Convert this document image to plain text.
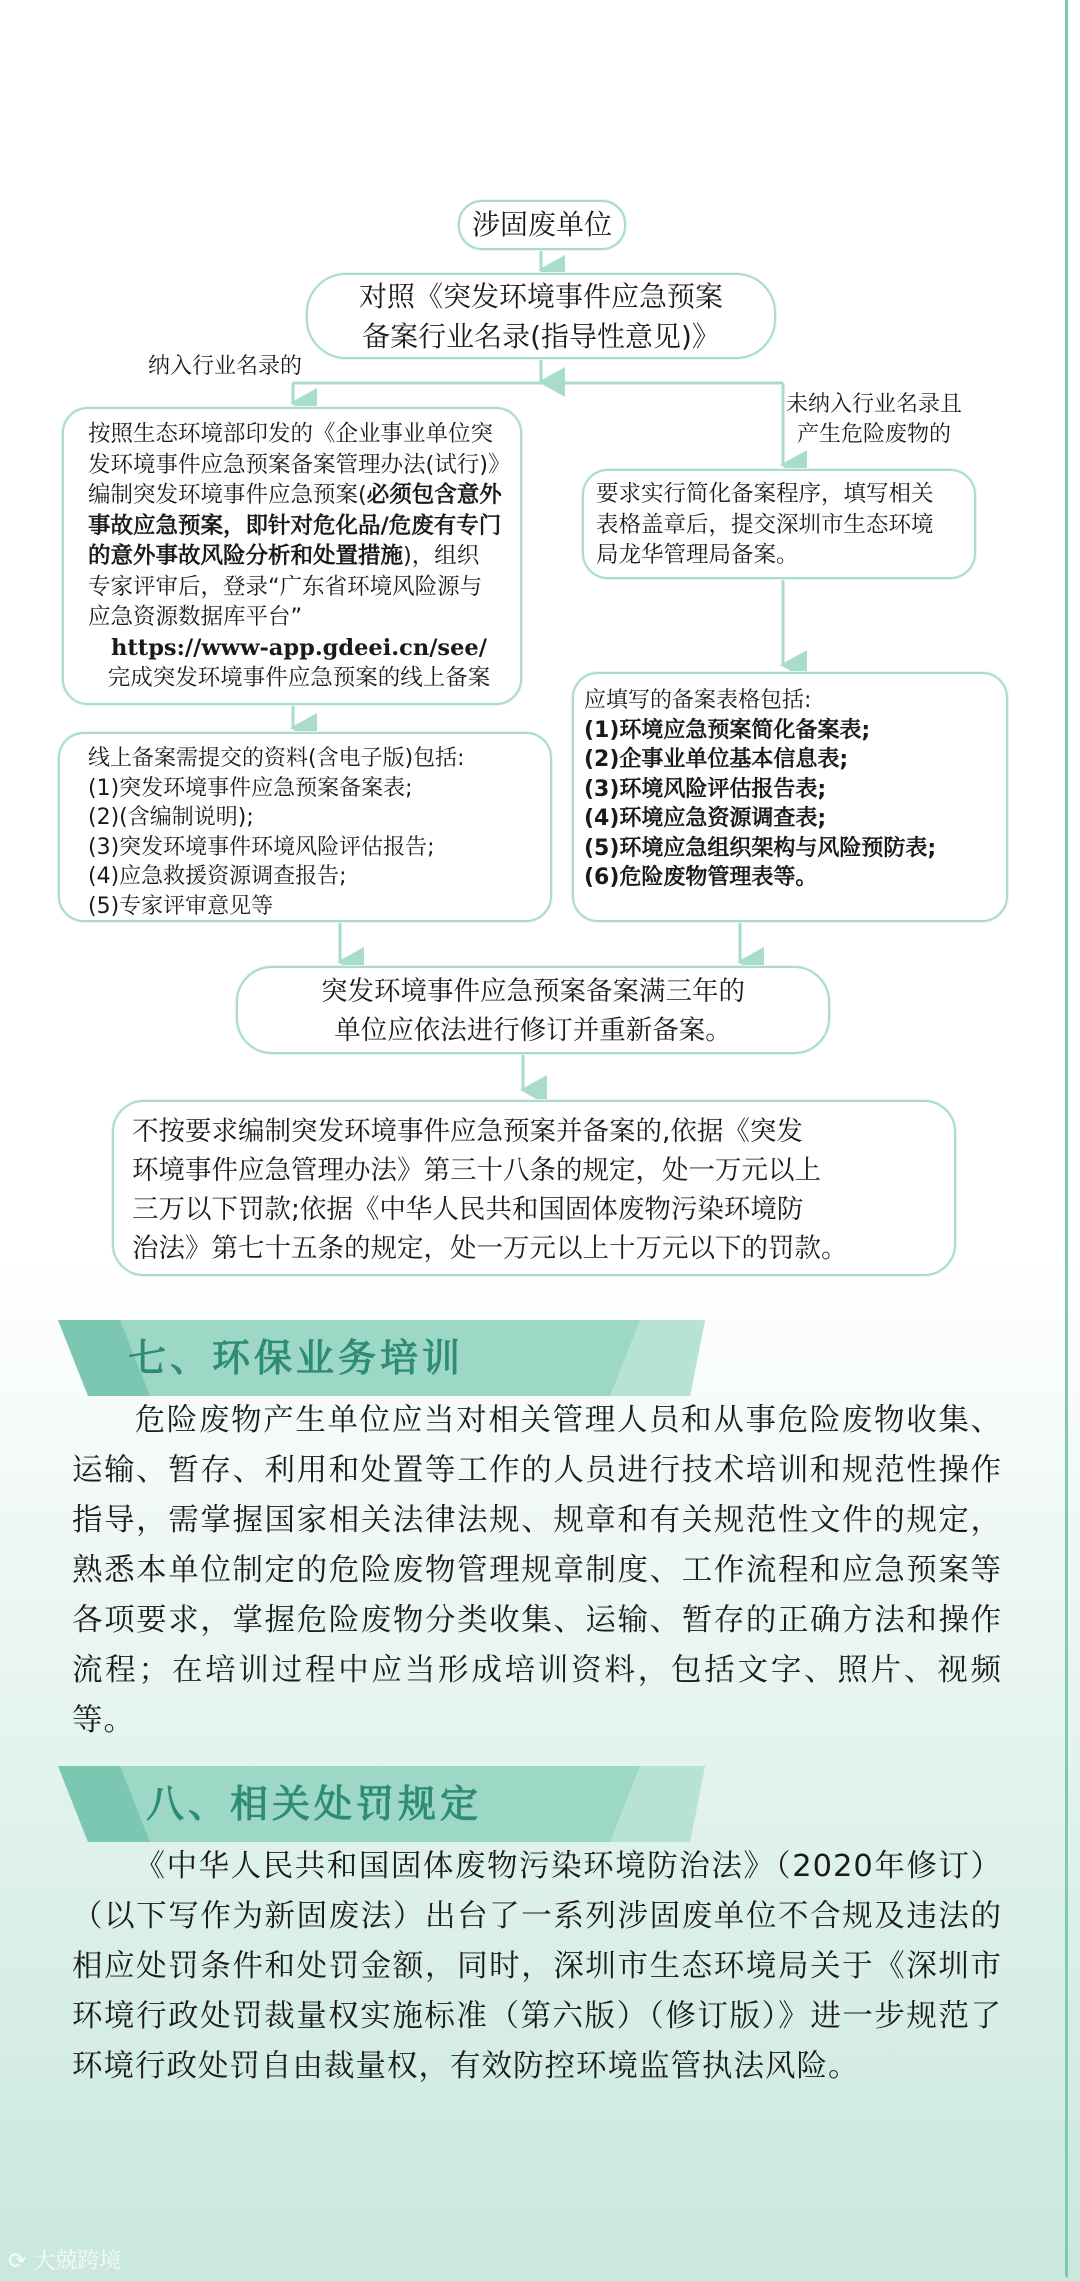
涉固废单位
对照《突发环境事件应急预案
备案行业名录(指导性意见)》
纳入行业名录的
未纳入行业名录且
产生危险废物的
按照生态环境部印发的《企业事业单位突
发环境事件应急预案备案管理办法(试行)》
编制突发环境事件应急预案(必须包含意外
事故应急预案，即针对危化品/危废有专门
的意外事故风险分析和处置措施)，组织
专家评审后，登录“广东省环境风险源与
应急资源数据库平台”
https://www-app.gdeei.cn/see/
完成突发环境事件应急预案的线上备案
要求实行简化备案程序，填写相关
表格盖章后，提交深圳市生态环境
局龙华管理局备案。
线上备案需提交的资料(含电子版)包括:
(1)突发环境事件应急预案备案表;
(2)(含编制说明);
(3)突发环境事件环境风险评估报告;
(4)应急救援资源调查报告;
(5)专家评审意见等
应填写的备案表格包括:
(1)环境应急预案简化备案表;
(2)企事业单位基本信息表;
(3)环境风险评估报告表;
(4)环境应急资源调查表;
(5)环境应急组织架构与风险预防表;
(6)危险废物管理表等。
突发环境事件应急预案备案满三年的
单位应依法进行修订并重新备案。
不按要求编制突发环境事件应急预案并备案的,依据《突发
环境事件应急管理办法》第三十八条的规定，处一万元以上
三万以下罚款;依据《中华人民共和国固体废物污染环境防
治法》第七十五条的规定，处一万元以上十万元以下的罚款。
七、环保业务培训
危险废物产生单位应当对相关管理人员和从事危险废物收集、运输、暂存、利用和处置等工作的人员进行技术培训和规范性操作指导，需掌握国家相关法律法规、规章和有关规范性文件的规定，熟悉本单位制定的危险废物管理规章制度、工作流程和应急预案等各项要求，掌握危险废物分类收集、运输、暂存的正确方法和操作流程；在培训过程中应当形成培训资料，包括文字、照片、视频等。
八、相关处罚规定
《中华人民共和国固体废物污染环境防治法》（2020年修订）（以下写作为新固废法）出台了一系列涉固废单位不合规及违法的相应处罚条件和处罚金额，同时，深圳市生态环境局关于《深圳市环境行政处罚裁量权实施标准（第六版）（修订版）》进一步规范了环境行政处罚自由裁量权，有效防控环境监管执法风险。
⟳ 大兢跨境
